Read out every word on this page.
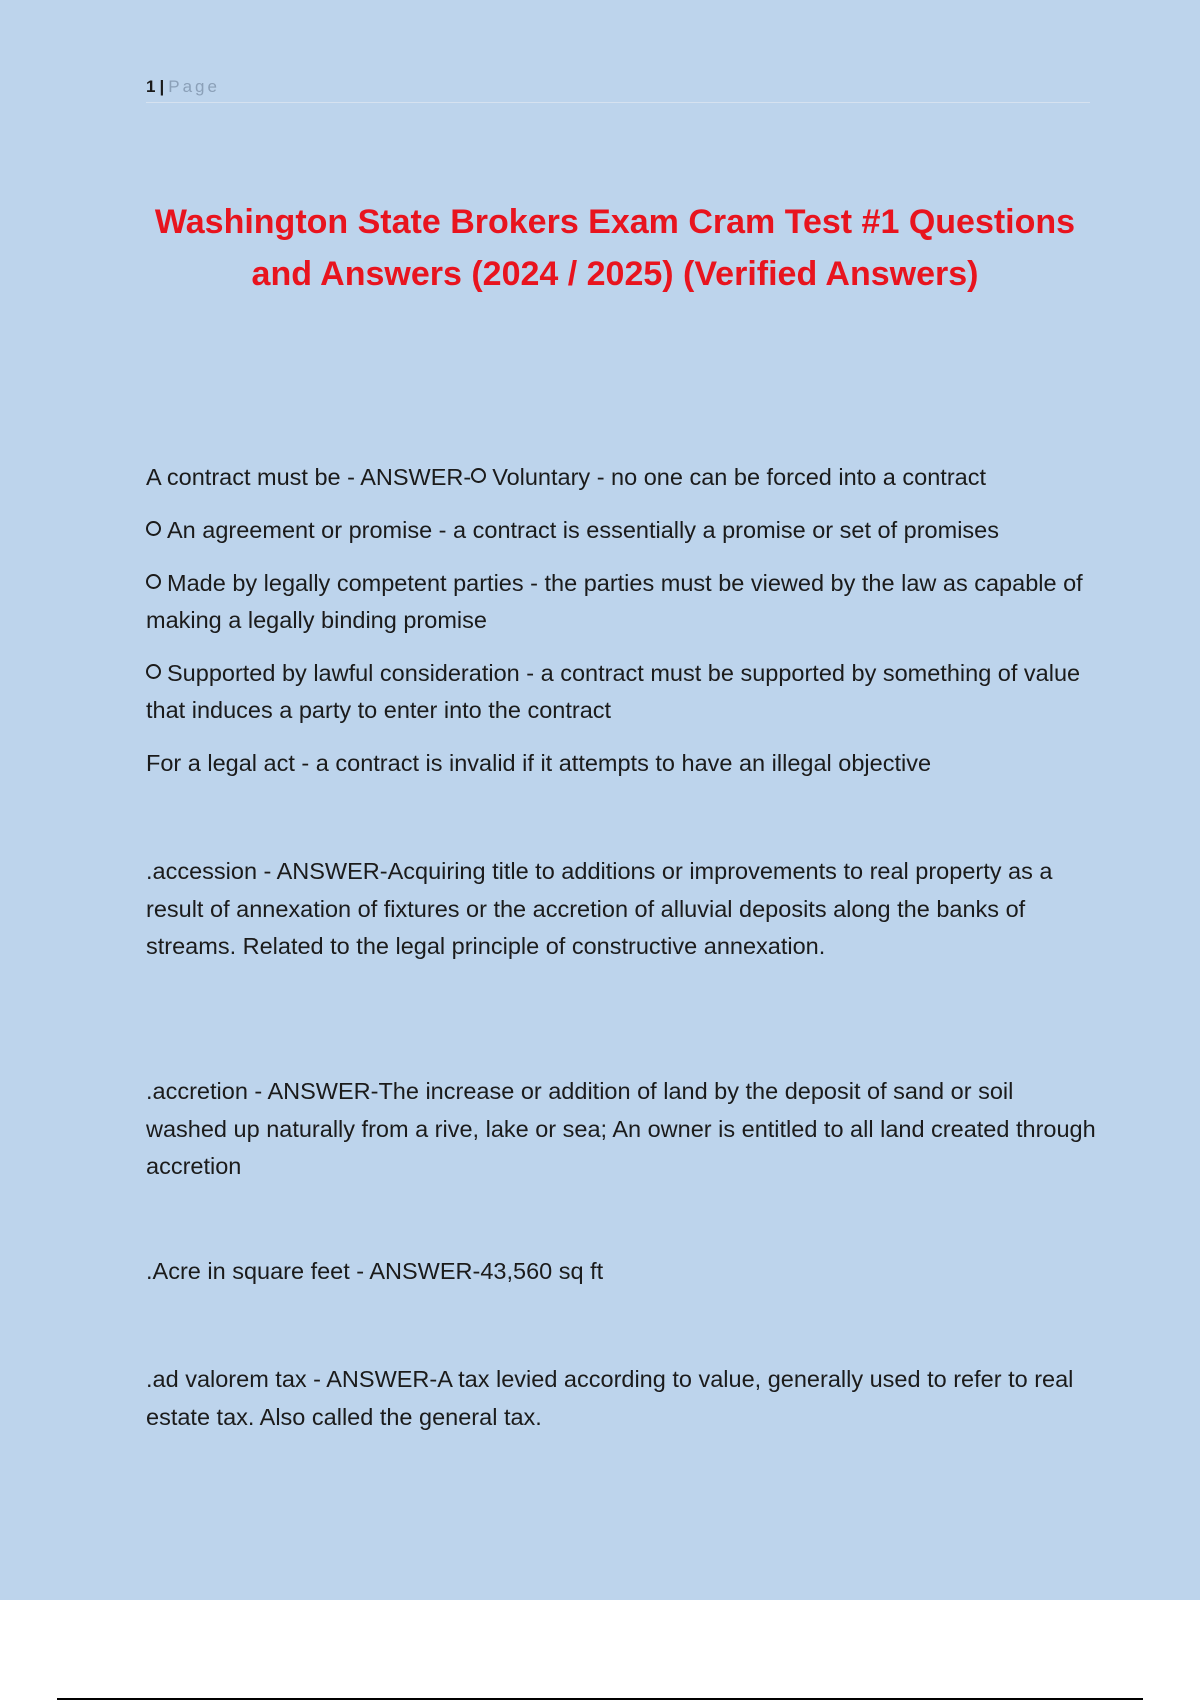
1 | Page
Washington State Brokers Exam Cram Test #1 Questions
and Answers (2024 / 2025) (Verified Answers)

A contract must be - ANSWER- Voluntary - no one can be forced into a contract

An agreement or promise - a contract is essentially a promise or set of promises

Made by legally competent parties - the parties must be viewed by the law as capable of making a legally binding promise

Supported by lawful consideration - a contract must be supported by something of value that induces a party to enter into the contract

For a legal act - a contract is invalid if it attempts to have an illegal objective

.accession - ANSWER-Acquiring title to additions or improvements to real property as a result of annexation of fixtures or the accretion of alluvial deposits along the banks of streams. Related to the legal principle of constructive annexation.
.accretion - ANSWER-The increase or addition of land by the deposit of sand or soil washed up naturally from a rive, lake or sea; An owner is entitled to all land created through accretion
.Acre in square feet - ANSWER-43,560 sq ft
.ad valorem tax - ANSWER-A tax levied according to value, generally used to refer to real estate tax. Also called the general tax.
